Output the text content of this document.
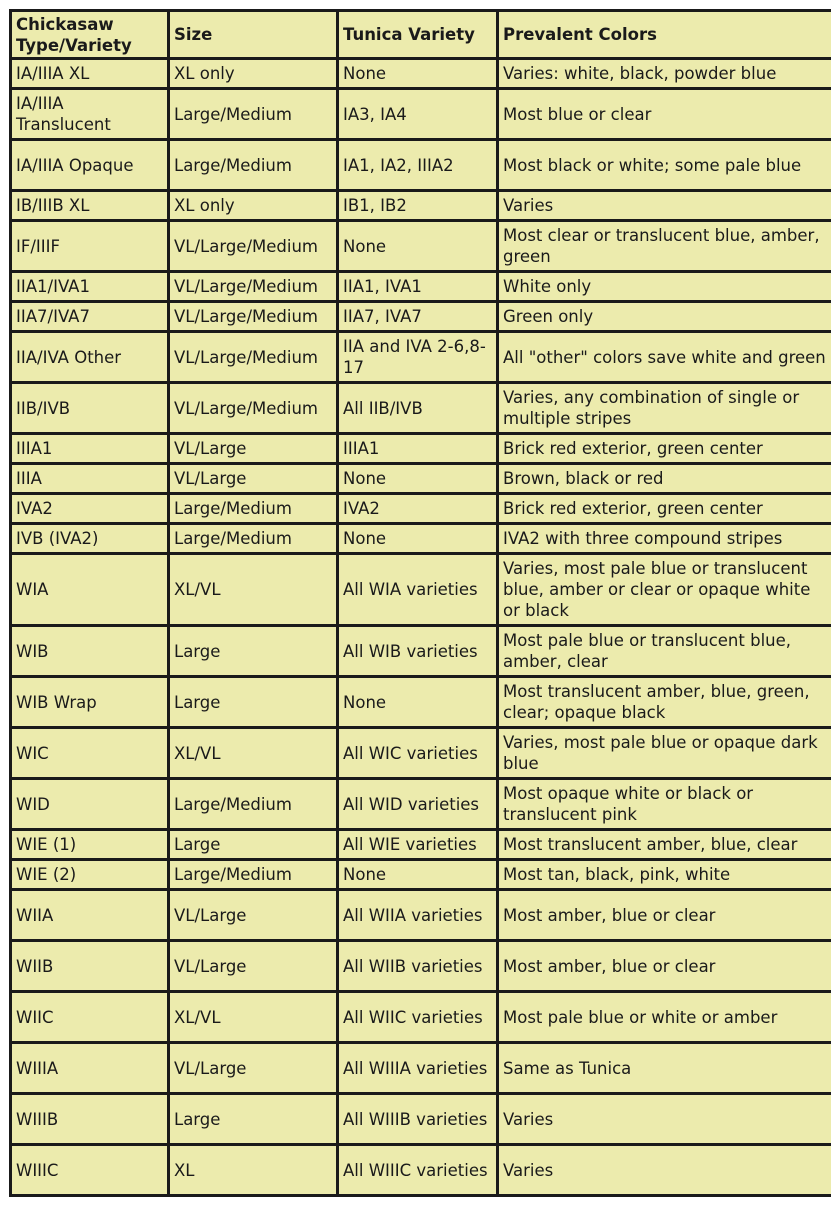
Chickasaw Type/Variety	Size	Tunica Variety	Prevalent Colors
IA/IIIA XL	XL only	None	Varies: white, black, powder blue
IA/IIIA Translucent	Large/Medium	IA3, IA4	Most blue or clear
IA/IIIA Opaque	Large/Medium	IA1, IA2, IIIA2	Most black or white; some pale blue
IB/IIIB XL	XL only	IB1, IB2	Varies
IF/IIIF	VL/Large/Medium	None	Most clear or translucent blue, amber, green
IIA1/IVA1	VL/Large/Medium	IIA1, IVA1	White only
IIA7/IVA7	VL/Large/Medium	IIA7, IVA7	Green only
IIA/IVA Other	VL/Large/Medium	IIA and IVA 2-6,8-17	All "other" colors save white and green
IIB/IVB	VL/Large/Medium	All IIB/IVB	Varies, any combination of single or multiple stripes
IIIA1	VL/Large	IIIA1	Brick red exterior, green center
IIIA	VL/Large	None	Brown, black or red
IVA2	Large/Medium	IVA2	Brick red exterior, green center
IVB (IVA2)	Large/Medium	None	IVA2 with three compound stripes
WIA	XL/VL	All WIA varieties	Varies, most pale blue or translucent blue, amber or clear or opaque white or black
WIB	Large	All WIB varieties	Most pale blue or translucent blue, amber, clear
WIB Wrap	Large	None	Most translucent amber, blue, green, clear; opaque black
WIC	XL/VL	All WIC varieties	Varies, most pale blue or opaque dark blue
WID	Large/Medium	All WID varieties	Most opaque white or black or translucent pink
WIE (1)	Large	All WIE varieties	Most translucent amber, blue, clear
WIE (2)	Large/Medium	None	Most tan, black, pink, white
WIIA	VL/Large	All WIIA varieties	Most amber, blue or clear
WIIB	VL/Large	All WIIB varieties	Most amber, blue or clear
WIIC	XL/VL	All WIIC varieties	Most pale blue or white or amber
WIIIA	VL/Large	All WIIIA varieties	Same as Tunica
WIIIB	Large	All WIIIB varieties	Varies
WIIIC	XL	All WIIIC varieties	Varies
